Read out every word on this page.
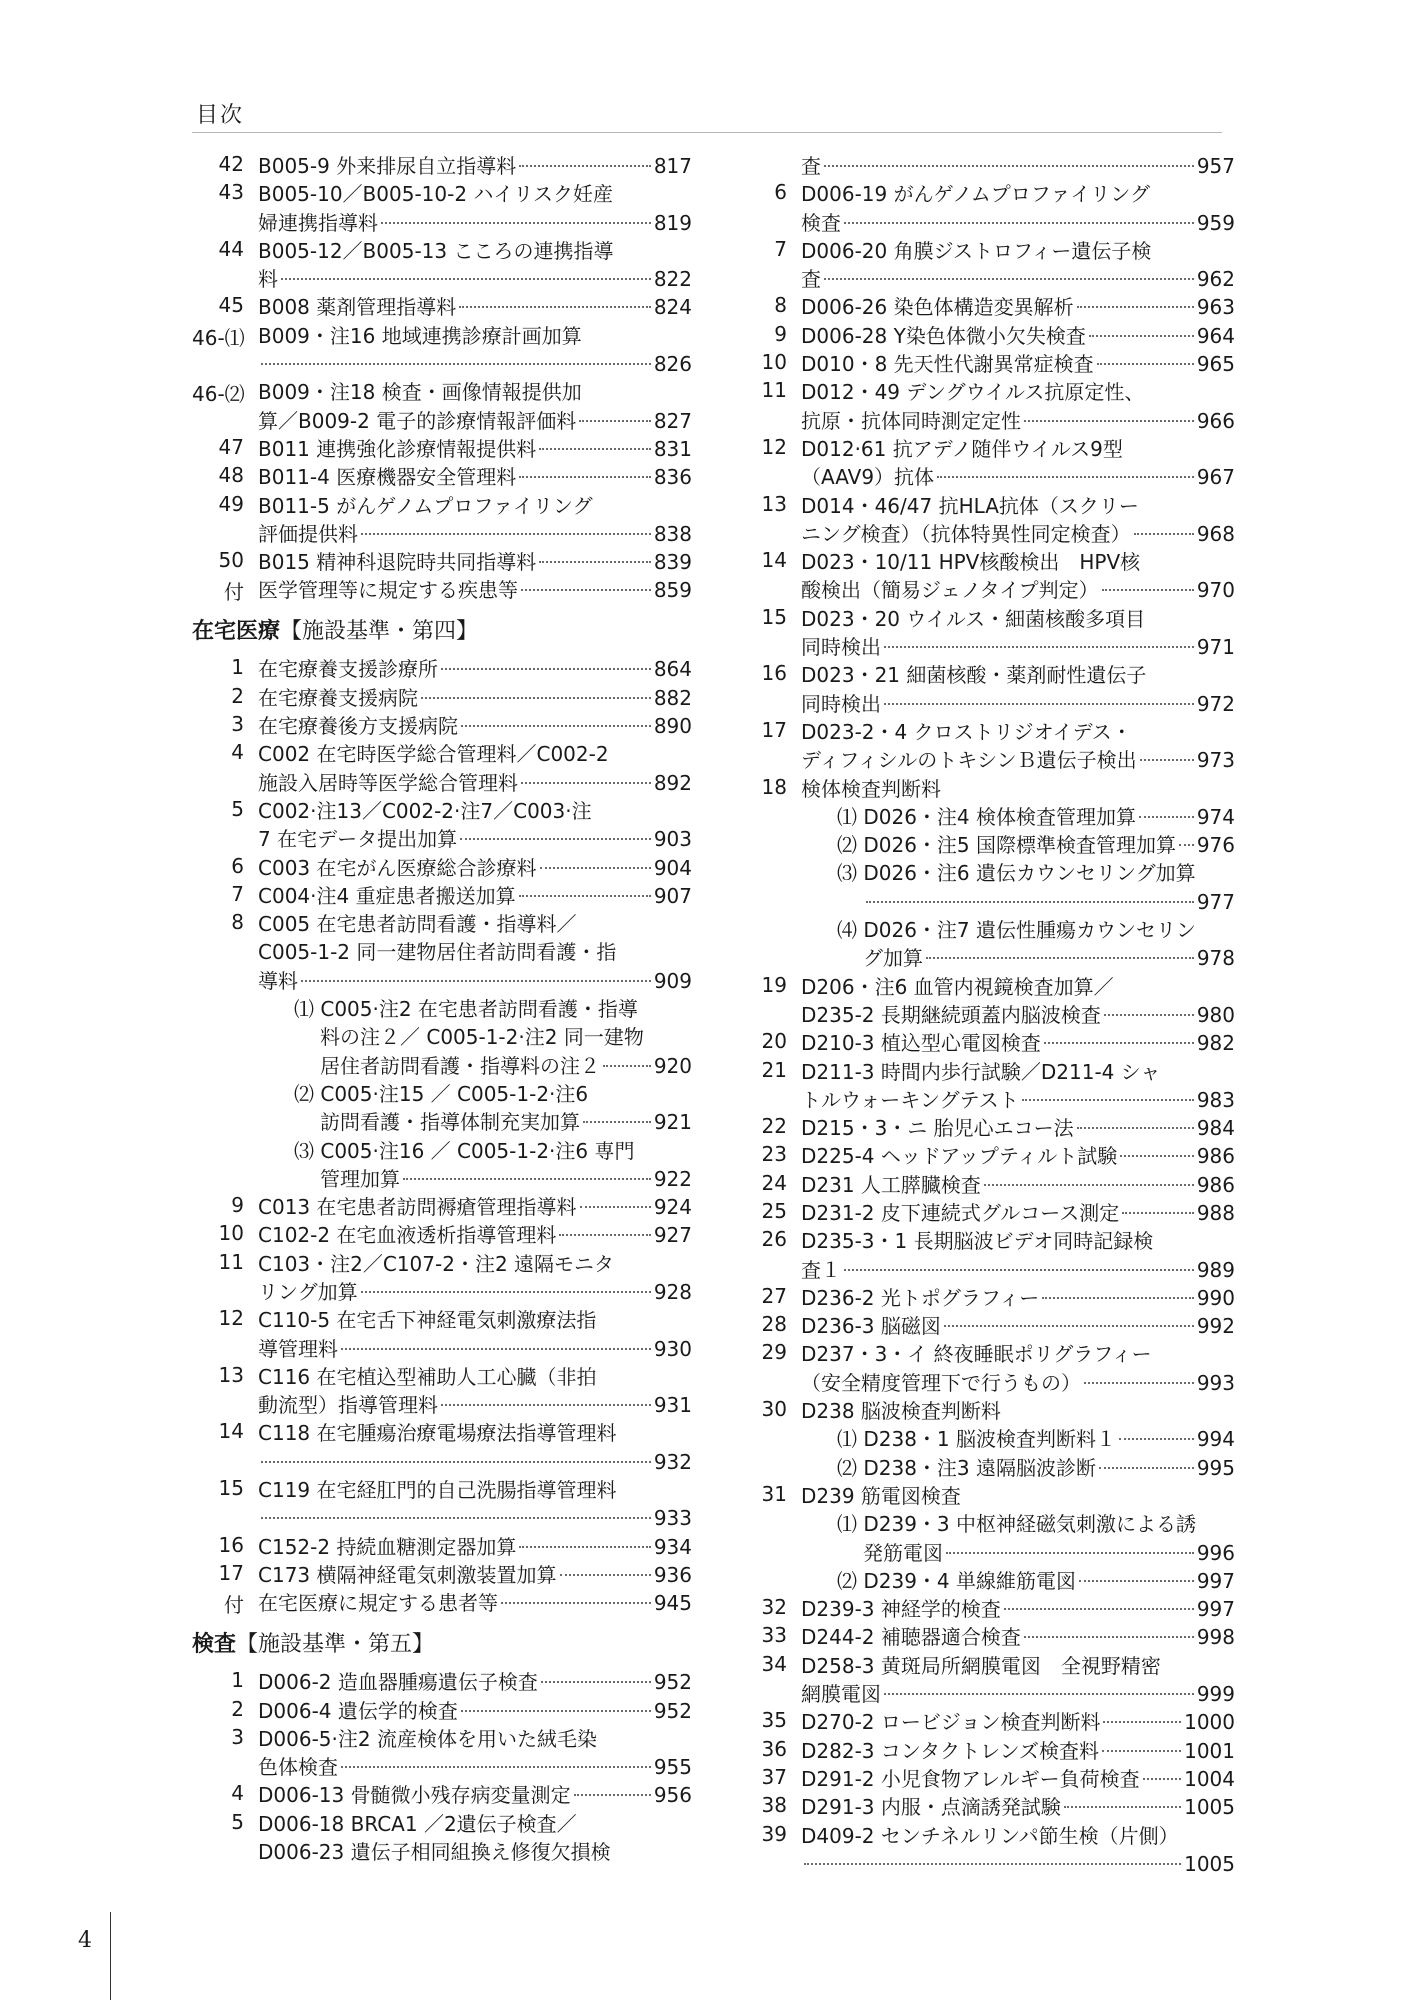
目次
42 B005-9 外来排尿自立指導料	817
43 B005-10／B005-10-2 ハイリスク妊産
婦連携指導料	819
44 B005-12／B005-13 こころの連携指導
料	822
45 B008 薬剤管理指導料	824
46-⑴ B009・注16 地域連携診療計画加算
826
46-⑵ B009・注18 検査・画像情報提供加
算／B009-2 電子的診療情報評価料	827
47 B011 連携強化診療情報提供料	831
48 B011-4 医療機器安全管理料	836
49 B011-5 がんゲノムプロファイリング
評価提供料	838
50 B015 精神科退院時共同指導料	839
付 医学管理等に規定する疾患等	859
在宅医療【施設基準・第四】
1 在宅療養支援診療所	864
2 在宅療養支援病院	882
3 在宅療養後方支援病院	890
4 C002 在宅時医学総合管理料／C002-2
施設入居時等医学総合管理料	892
5 C002·注13／C002-2·注7／C003·注
7 在宅データ提出加算	903
6 C003 在宅がん医療総合診療料	904
7 C004·注4 重症患者搬送加算	907
8 C005 在宅患者訪問看護・指導料／
C005-1-2 同一建物居住者訪問看護・指
導料	909
⑴ C005·注2 在宅患者訪問看護・指導
料の注２／ C005-1-2·注2 同一建物
居住者訪問看護・指導料の注２	920
⑵ C005·注15 ／ C005-1-2·注6
訪問看護・指導体制充実加算	921
⑶ C005·注16 ／ C005-1-2·注6 専門
管理加算	922
9 C013 在宅患者訪問褥瘡管理指導料	924
10 C102-2 在宅血液透析指導管理料	927
11 C103・注2／C107-2・注2 遠隔モニタ
リング加算	928
12 C110-5 在宅舌下神経電気刺激療法指
導管理料	930
13 C116 在宅植込型補助人工心臓（非拍
動流型）指導管理料	931
14 C118 在宅腫瘍治療電場療法指導管理料
932
15 C119 在宅経肛門的自己洗腸指導管理料
933
16 C152-2 持続血糖測定器加算	934
17 C173 横隔神経電気刺激装置加算	936
付 在宅医療に規定する患者等	945
検査【施設基準・第五】
1 D006-2 造血器腫瘍遺伝子検査	952
2 D006-4 遺伝学的検査	952
3 D006-5·注2 流産検体を用いた絨毛染
色体検査	955
4 D006-13 骨髄微小残存病変量測定	956
5 D006-18 BRCA1 ／2遺伝子検査／
D006-23 遺伝子相同組換え修復欠損検
査	957
6 D006-19 がんゲノムプロファイリング
検査	959
7 D006-20 角膜ジストロフィー遺伝子検
査	962
8 D006-26 染色体構造変異解析	963
9 D006-28 Y染色体微小欠失検査	964
10 D010・8 先天性代謝異常症検査	965
11 D012・49 デングウイルス抗原定性、
抗原・抗体同時測定定性	966
12 D012·61 抗アデノ随伴ウイルス9型
（AAV9）抗体	967
13 D014・46/47 抗HLA抗体（スクリー
ニング検査）（抗体特異性同定検査）	968
14 D023・10/11 HPV核酸検出　HPV核
酸検出（簡易ジェノタイプ判定）	970
15 D023・20 ウイルス・細菌核酸多項目
同時検出	971
16 D023・21 細菌核酸・薬剤耐性遺伝子
同時検出	972
17 D023-2・4 クロストリジオイデス・
ディフィシルのトキシンＢ遺伝子検出	973
18 検体検査判断料
⑴ D026・注4 検体検査管理加算	974
⑵ D026・注5 国際標準検査管理加算 976
⑶ D026・注6 遺伝カウンセリング加算
977
⑷ D026・注7 遺伝性腫瘍カウンセリン
グ加算	978
19 D206・注6 血管内視鏡検査加算／
D235-2 長期継続頭蓋内脳波検査	980
20 D210-3 植込型心電図検査	982
21 D211-3 時間内歩行試験／D211-4 シャ
トルウォーキングテスト	983
22 D215・3・ニ 胎児心エコー法	984
23 D225-4 ヘッドアップティルト試験	986
24 D231 人工膵臓検査	986
25 D231-2 皮下連続式グルコース測定	988
26 D235-3・1 長期脳波ビデオ同時記録検
査１	989
27 D236-2 光トポグラフィー	990
28 D236-3 脳磁図	992
29 D237・3・イ 終夜睡眠ポリグラフィー
（安全精度管理下で行うもの）	993
30 D238 脳波検査判断料
⑴ D238・1 脳波検査判断料１	994
⑵ D238・注3 遠隔脳波診断	995
31 D239 筋電図検査
⑴ D239・3 中枢神経磁気刺激による誘
発筋電図	996
⑵ D239・4 単線維筋電図	997
32 D239-3 神経学的検査	997
33 D244-2 補聴器適合検査	998
34 D258-3 黄斑局所網膜電図　全視野精密
網膜電図	999
35 D270-2 ロービジョン検査判断料	1000
36 D282-3 コンタクトレンズ検査料	1001
37 D291-2 小児食物アレルギー負荷検査 1004
38 D291-3 内服・点滴誘発試験	1005
39 D409-2 センチネルリンパ節生検（片側）
1005
4
